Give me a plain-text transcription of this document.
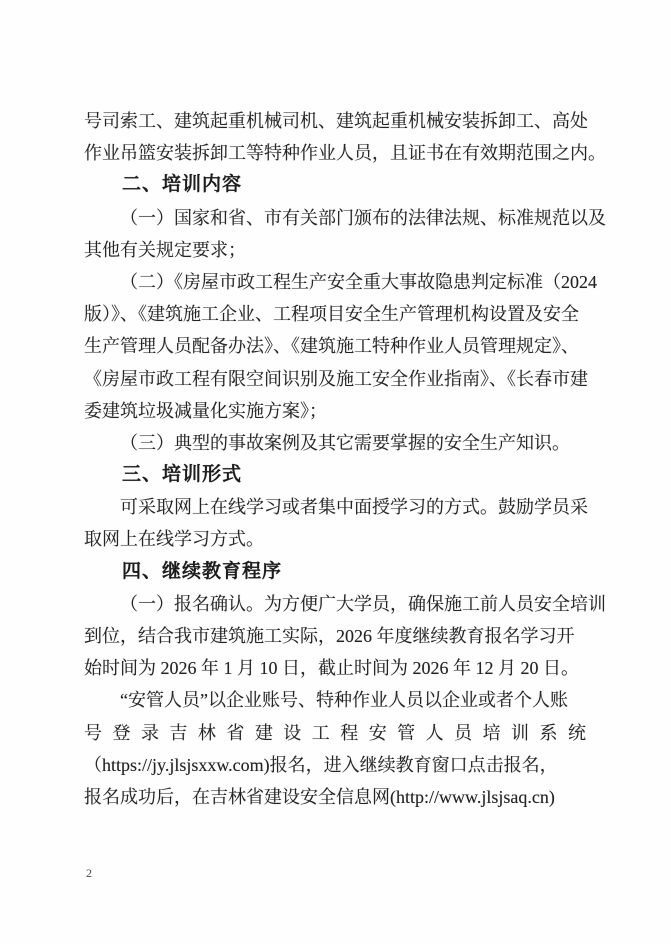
号司索工、建筑起重机械司机、建筑起重机械安装拆卸工、高处
作业吊篮安装拆卸工等特种作业人员，且证书在有效期范围之内。
二、培训内容
（一）国家和省、市有关部门颁布的法律法规、标准规范以及
其他有关规定要求；
（二）《房屋市政工程生产安全重大事故隐患判定标准（2024
版）》、《建筑施工企业、工程项目安全生产管理机构设置及安全
生产管理人员配备办法》、《建筑施工特种作业人员管理规定》、
《房屋市政工程有限空间识别及施工安全作业指南》、《长春市建
委建筑垃圾减量化实施方案》；
（三）典型的事故案例及其它需要掌握的安全生产知识。
三、培训形式
可采取网上在线学习或者集中面授学习的方式。鼓励学员采
取网上在线学习方式。
四、继续教育程序
（一）报名确认。为方便广大学员，确保施工前人员安全培训
到位，结合我市建筑施工实际，2026 年度继续教育报名学习开
始时间为 2026 年 1 月 10 日，截止时间为 2026 年 12 月 20 日。
“安管人员”以企业账号、特种作业人员以企业或者个人账
号登录吉林省建设工程安管人员培训系统
（https://jy.jlsjsxxw.com)报名，进入继续教育窗口点击报名，
报名成功后，在吉林省建设安全信息网(http://www.jlsjsaq.cn)
2
